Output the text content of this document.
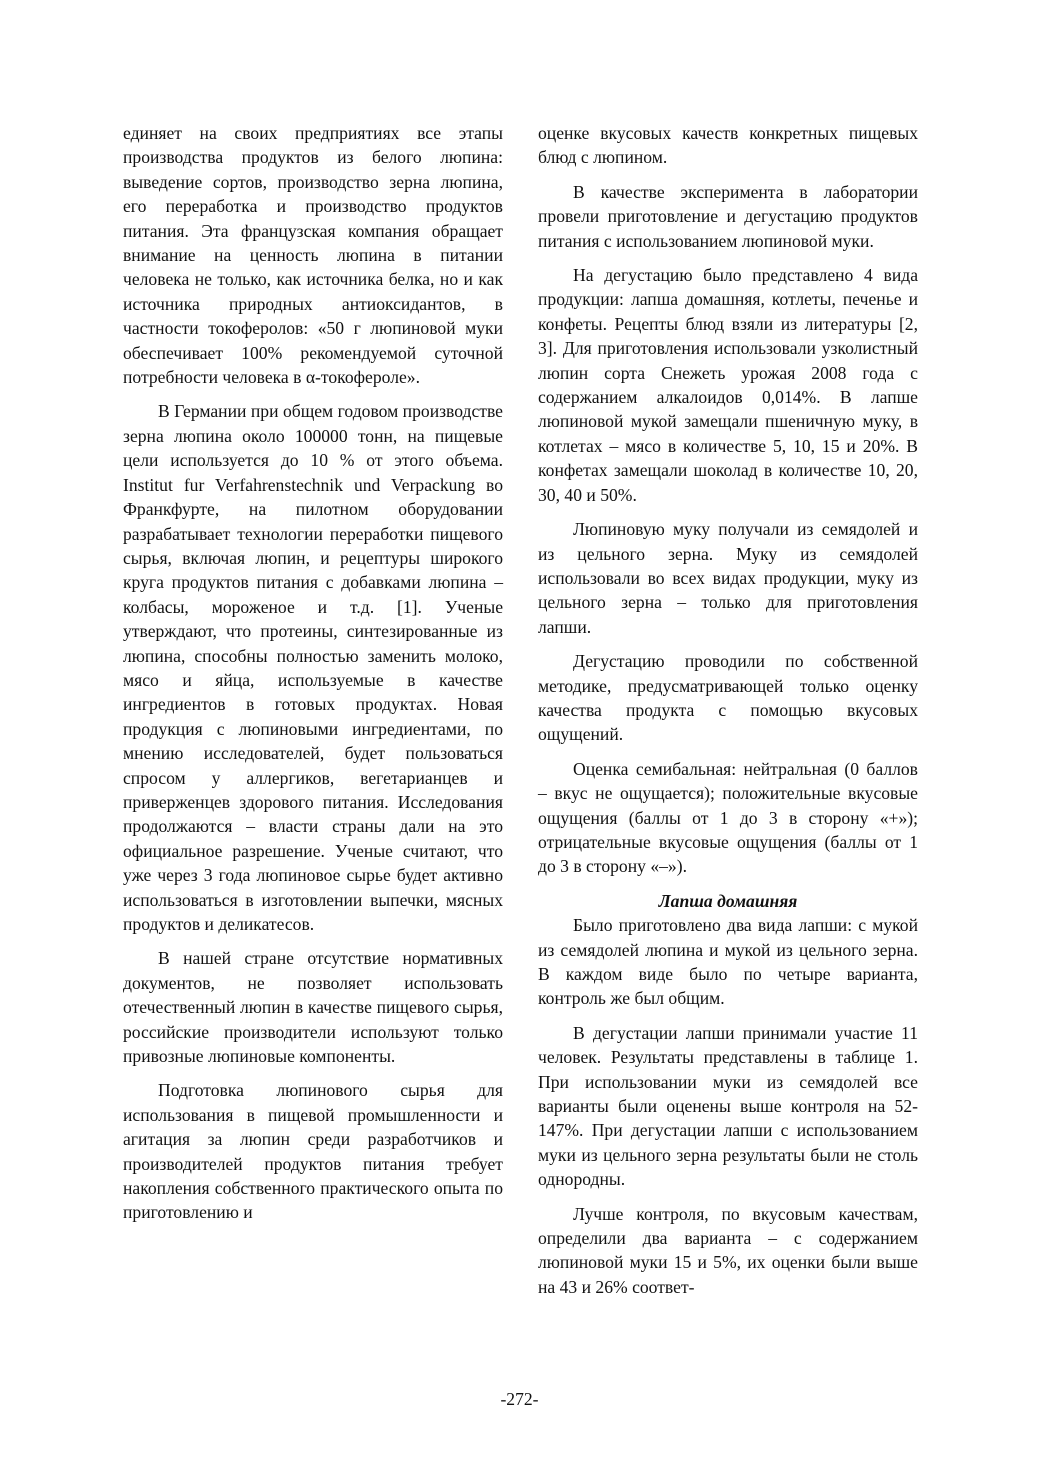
единяет на своих предприятиях все этапы производства продуктов из белого люпина: выведение сортов, производство зерна люпина, его переработка и производство продуктов питания. Эта французская компания обращает внимание на ценность люпина в питании человека не только, как источника белка, но и как источника природных антиоксидантов, в частности токоферолов: «50 г люпиновой муки обеспечивает 100% рекомендуемой суточной потребности человека в α-токофероле».

В Германии при общем годовом производстве зерна люпина около 100000 тонн, на пищевые цели используется до 10 % от этого объема. Institut fur Verfahrenstechnik und Verpackung во Франкфурте, на пилотном оборудовании разрабатывает технологии переработки пищевого сырья, включая люпин, и рецептуры широкого круга продуктов питания с добавками люпина – колбасы, мороженое и т.д. [1]. Ученые утверждают, что протеины, синтезированные из люпина, способны полностью заменить молоко, мясо и яйца, используемые в качестве ингредиентов в готовых продуктах. Новая продукция с люпиновыми ингредиентами, по мнению исследователей, будет пользоваться спросом у аллергиков, вегетарианцев и приверженцев здорового питания. Исследования продолжаются – власти страны дали на это официальное разрешение. Ученые считают, что уже через 3 года люпиновое сырье будет активно использоваться в изготовлении выпечки, мясных продуктов и деликатесов.

В нашей стране отсутствие нормативных документов, не позволяет использовать отечественный люпин в качестве пищевого сырья, российские производители используют только привозные люпиновые компоненты.

Подготовка люпинового сырья для использования в пищевой промышленности и агитация за люпин среди разработчиков и производителей продуктов питания требует накопления собственного практического опыта по приготовлению и

оценке вкусовых качеств конкретных пищевых блюд с люпином.

В качестве эксперимента в лаборатории провели приготовление и дегустацию продуктов питания с использованием люпиновой муки.

На дегустацию было представлено 4 вида продукции: лапша домашняя, котлеты, печенье и конфеты. Рецепты блюд взяли из литературы [2, 3]. Для приготовления использовали узколистный люпин сорта Снежеть урожая 2008 года с содержанием алкалоидов 0,014%. В лапше люпиновой мукой замещали пшеничную муку, в котлетах – мясо в количестве 5, 10, 15 и 20%. В конфетах замещали шоколад в количестве 10, 20, 30, 40 и 50%.

Люпиновую муку получали из семядолей и из цельного зерна. Муку из семядолей использовали во всех видах продукции, муку из цельного зерна – только для приготовления лапши.

Дегустацию проводили по собственной методике, предусматривающей только оценку качества продукта с помощью вкусовых ощущений.

Оценка семибальная: нейтральная (0 баллов – вкус не ощущается); положительные вкусовые ощущения (баллы от 1 до 3 в сторону «+»); отрицательные вкусовые ощущения (баллы от 1 до 3 в сторону «–»).

Лапша домашняя

Было приготовлено два вида лапши: с мукой из семядолей люпина и мукой из цельного зерна. В каждом виде было по четыре варианта, контроль же был общим.

В дегустации лапши принимали участие 11 человек. Результаты представлены в таблице 1. При использовании муки из семядолей все варианты были оценены выше контроля на 52-147%. При дегустации лапши с использованием муки из цельного зерна результаты были не столь однородны.

Лучше контроля, по вкусовым качествам, определили два варианта – с содержанием люпиновой муки 15 и 5%, их оценки были выше на 43 и 26% соответ-

-272-
